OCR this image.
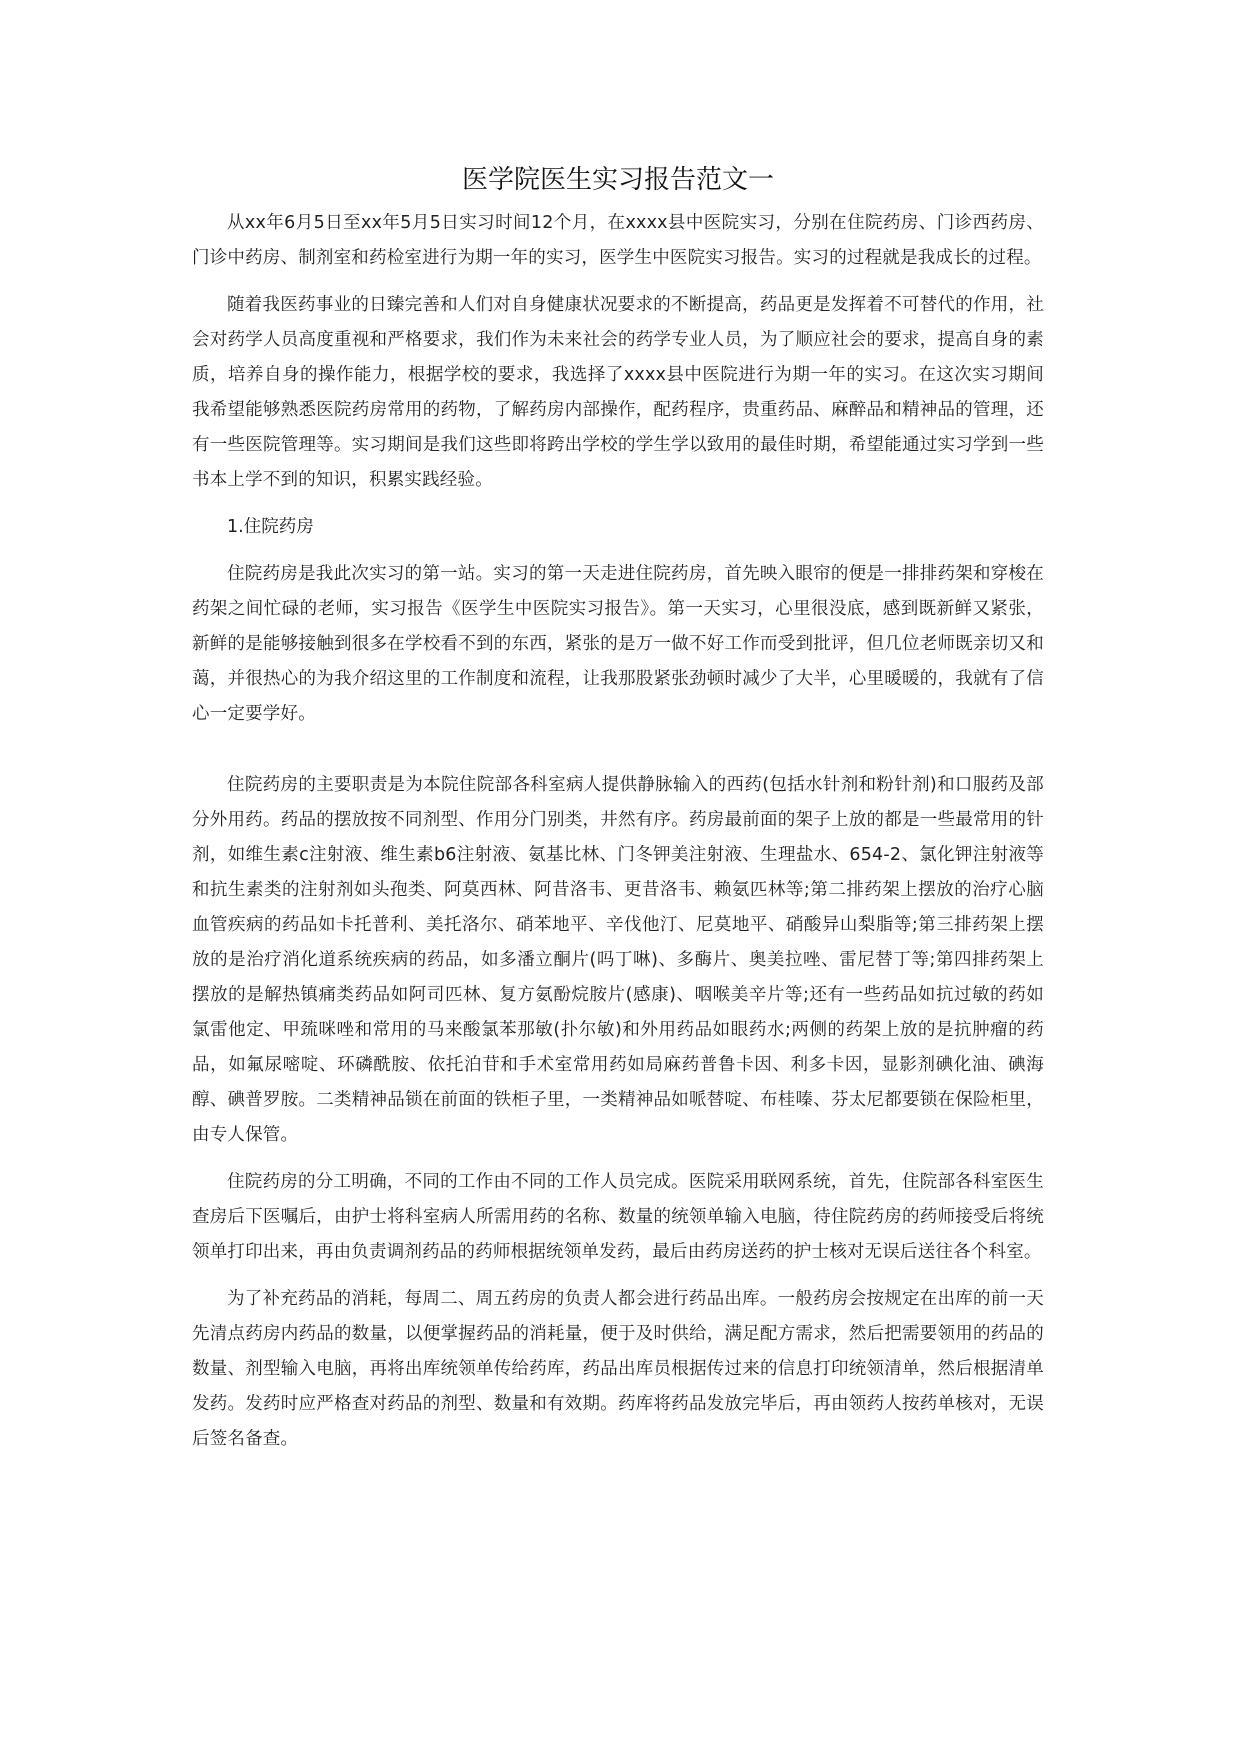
医学院医生实习报告范文一

从xx年6月5日至xx年5月5日实习时间12个月，在xxxx县中医院实习，分别在住院药房、门诊西药房、门诊中药房、制剂室和药检室进行为期一年的实习，医学生中医院实习报告。实习的过程就是我成长的过程。

随着我医药事业的日臻完善和人们对自身健康状况要求的不断提高，药品更是发挥着不可替代的作用，社会对药学人员高度重视和严格要求，我们作为未来社会的药学专业人员，为了顺应社会的要求，提高自身的素质，培养自身的操作能力，根据学校的要求，我选择了xxxx县中医院进行为期一年的实习。在这次实习期间我希望能够熟悉医院药房常用的药物，了解药房内部操作，配药程序，贵重药品、麻醉品和精神品的管理，还有一些医院管理等。实习期间是我们这些即将跨出学校的学生学以致用的最佳时期，希望能通过实习学到一些书本上学不到的知识，积累实践经验。

1.住院药房

住院药房是我此次实习的第一站。实习的第一天走进住院药房，首先映入眼帘的便是一排排药架和穿梭在药架之间忙碌的老师，实习报告《医学生中医院实习报告》。第一天实习，心里很没底，感到既新鲜又紧张，新鲜的是能够接触到很多在学校看不到的东西，紧张的是万一做不好工作而受到批评，但几位老师既亲切又和蔼，并很热心的为我介绍这里的工作制度和流程，让我那股紧张劲顿时减少了大半，心里暖暖的，我就有了信心一定要学好。

住院药房的主要职责是为本院住院部各科室病人提供静脉输入的西药(包括水针剂和粉针剂)和口服药及部分外用药。药品的摆放按不同剂型、作用分门别类，井然有序。药房最前面的架子上放的都是一些最常用的针剂，如维生素c注射液、维生素b6注射液、氨基比林、门冬钾美注射液、生理盐水、654-2、氯化钾注射液等和抗生素类的注射剂如头孢类、阿莫西林、阿昔洛韦、更昔洛韦、赖氨匹林等;第二排药架上摆放的治疗心脑血管疾病的药品如卡托普利、美托洛尔、硝苯地平、辛伐他汀、尼莫地平、硝酸异山梨脂等;第三排药架上摆放的是治疗消化道系统疾病的药品，如多潘立酮片(吗丁啉)、多酶片、奥美拉唑、雷尼替丁等;第四排药架上摆放的是解热镇痛类药品如阿司匹林、复方氨酚烷胺片(感康)、咽喉美辛片等;还有一些药品如抗过敏的药如氯雷他定、甲巯咪唑和常用的马来酸氯苯那敏(扑尔敏)和外用药品如眼药水;两侧的药架上放的是抗肿瘤的药品，如氟尿嘧啶、环磷酰胺、依托泊苷和手术室常用药如局麻药普鲁卡因、利多卡因，显影剂碘化油、碘海醇、碘普罗胺。二类精神品锁在前面的铁柜子里，一类精神品如哌替啶、布桂嗪、芬太尼都要锁在保险柜里，由专人保管。

住院药房的分工明确，不同的工作由不同的工作人员完成。医院采用联网系统，首先，住院部各科室医生查房后下医嘱后，由护士将科室病人所需用药的名称、数量的统领单输入电脑，待住院药房的药师接受后将统领单打印出来，再由负责调剂药品的药师根据统领单发药，最后由药房送药的护士核对无误后送往各个科室。

为了补充药品的消耗，每周二、周五药房的负责人都会进行药品出库。一般药房会按规定在出库的前一天先清点药房内药品的数量，以便掌握药品的消耗量，便于及时供给，满足配方需求，然后把需要领用的药品的数量、剂型输入电脑，再将出库统领单传给药库，药品出库员根据传过来的信息打印统领清单，然后根据清单发药。发药时应严格查对药品的剂型、数量和有效期。药库将药品发放完毕后，再由领药人按药单核对，无误后签名备查。
